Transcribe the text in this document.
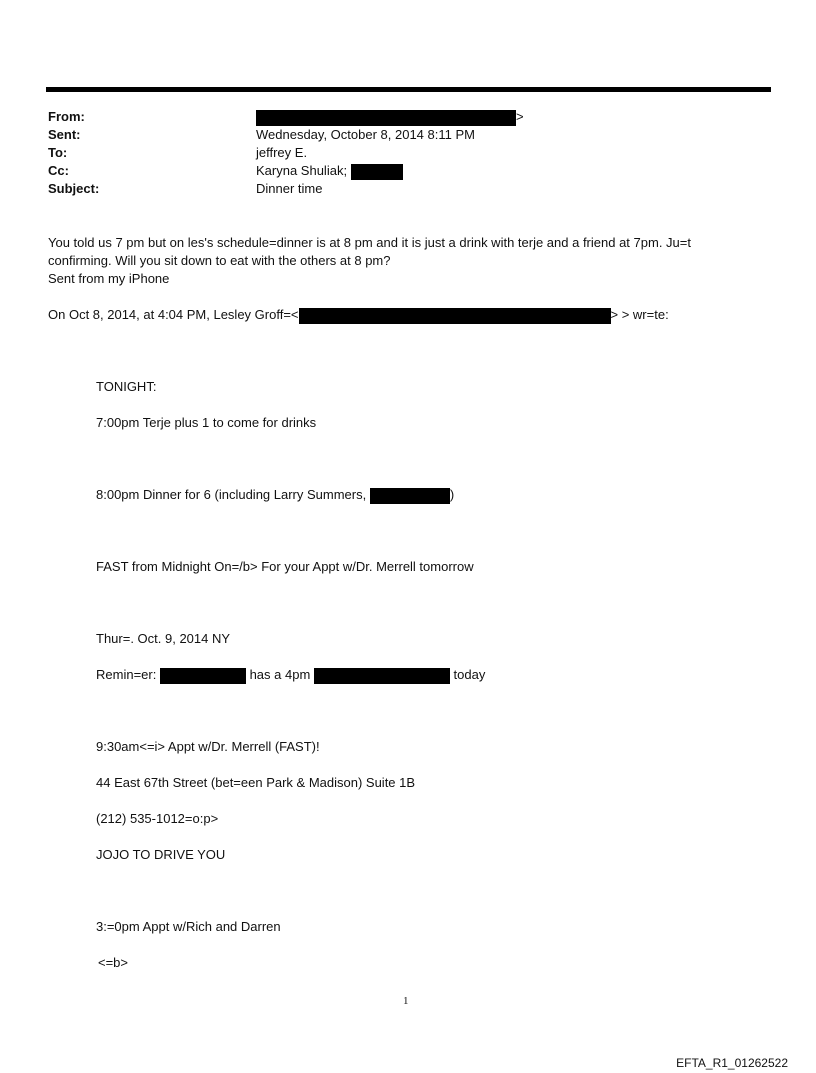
From:	>
Sent:	Wednesday, October 8, 2014 8:11 PM
To:	jeffrey E.
Cc:	Karyna Shuliak;
Subject:	Dinner time
You told us 7 pm but on les's schedule=dinner is at 8 pm and it is just a drink with terje and a friend at 7pm. Ju=t confirming. Will you sit down to eat with the others at 8 pm?
Sent from my iPhone
On Oct 8, 2014, at 4:04 PM, Lesley Groff=<	> > wr=te:
TONIGHT:
7:00pm Terje plus 1 to come for drinks
8:00pm Dinner for 6 (including Larry Summers,	)
FAST from Midnight On=/b> For your Appt w/Dr. Merrell tomorrow
Thur=. Oct. 9, 2014 NY
Remin=er:	has a 4pm	today
9:30am<=i> Appt w/Dr. Merrell (FAST)!
44 East 67th Street (bet=een Park & Madison) Suite 1B
(212) 535-1012=o:p>
JOJO TO DRIVE YOU
3:=0pm Appt w/Rich and Darren
<=b>
1
EFTA_R1_01262522
